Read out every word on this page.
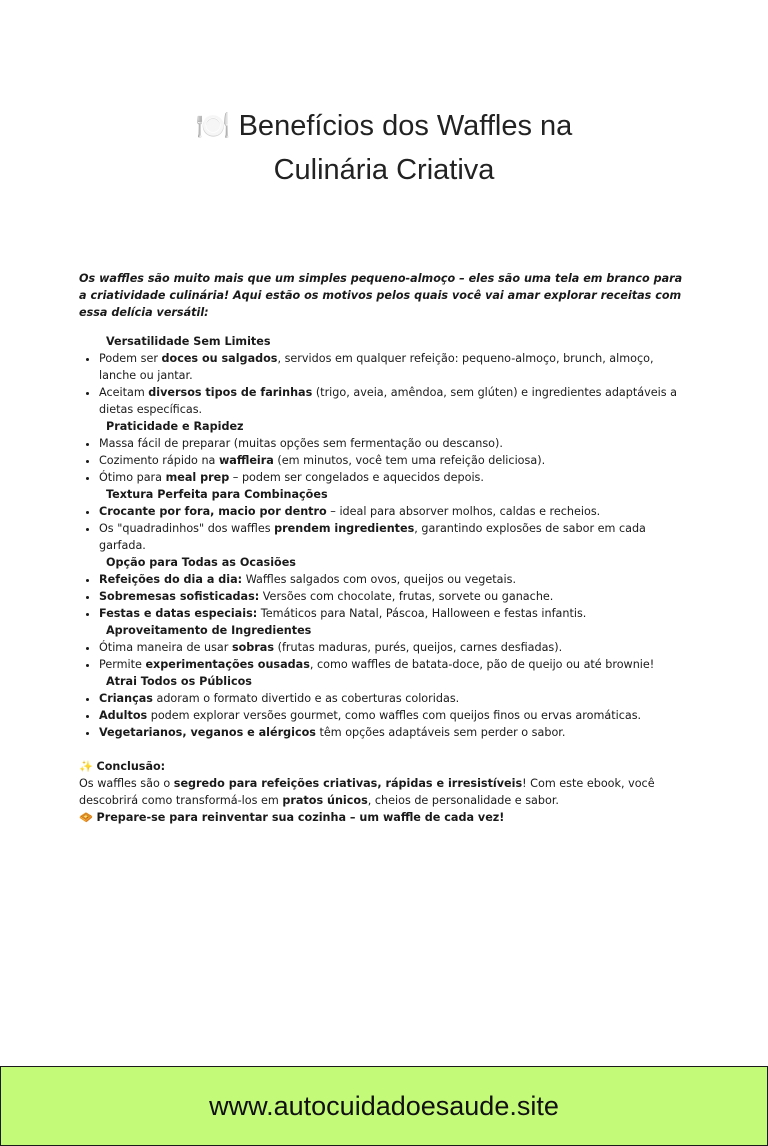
🍽️ Benefícios dos Waffles na
Culinária Criativa

Os waffles são muito mais que um simples pequeno-almoço – eles são uma tela em branco para a criatividade culinária! Aqui estão os motivos pelos quais você vai amar explorar receitas com essa delícia versátil:

Versatilidade Sem Limites
• Podem ser doces ou salgados, servidos em qualquer refeição: pequeno-almoço, brunch, almoço, lanche ou jantar.
• Aceitam diversos tipos de farinhas (trigo, aveia, amêndoa, sem glúten) e ingredientes adaptáveis a dietas específicas.
Praticidade e Rapidez
• Massa fácil de preparar (muitas opções sem fermentação ou descanso).
• Cozimento rápido na waffleira (em minutos, você tem uma refeição deliciosa).
• Ótimo para meal prep – podem ser congelados e aquecidos depois.
Textura Perfeita para Combinações
• Crocante por fora, macio por dentro – ideal para absorver molhos, caldas e recheios.
• Os "quadradinhos" dos waffles prendem ingredientes, garantindo explosões de sabor em cada garfada.
Opção para Todas as Ocasiões
• Refeições do dia a dia: Waffles salgados com ovos, queijos ou vegetais.
• Sobremesas sofisticadas: Versões com chocolate, frutas, sorvete ou ganache.
• Festas e datas especiais: Temáticos para Natal, Páscoa, Halloween e festas infantis.
Aproveitamento de Ingredientes
• Ótima maneira de usar sobras (frutas maduras, purés, queijos, carnes desfiadas).
• Permite experimentações ousadas, como waffles de batata-doce, pão de queijo ou até brownie!
Atrai Todos os Públicos
• Crianças adoram o formato divertido e as coberturas coloridas.
• Adultos podem explorar versões gourmet, como waffles com queijos finos ou ervas aromáticas.
• Vegetarianos, veganos e alérgicos têm opções adaptáveis sem perder o sabor.

✨ Conclusão:

Os waffles são o segredo para refeições criativas, rápidas e irresistíveis! Com este ebook, você descobrirá como transformá-los em pratos únicos, cheios de personalidade e sabor.

🧇 Prepare-se para reinventar sua cozinha – um waffle de cada vez!

www.autocuidadoesaude.site
